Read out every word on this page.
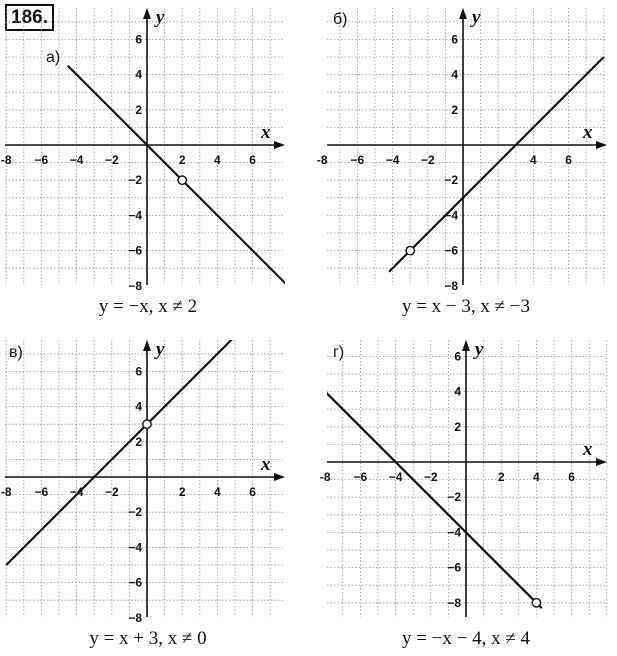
186.
x
y
-8 −6 −4 −2	2 4 6
6
4
2
−2
−4
−6
−8
а)
y = −x, x ≠ 2
x
y
-8 −6 −4 −2	4 6
6
4
2
−2
−4
−6
−8
б)
y = x − 3, x ≠ −3
x
y
-8 −6 −4 −2	2 4 6
6
4
2
−2
−4
−6
−8
в)
y = x + 3, x ≠ 0
x
y
-8 −6 −4 −2	2 4 6
6
4
2
−2
−4
−6
−8
г)
y = −x − 4, x ≠ 4
